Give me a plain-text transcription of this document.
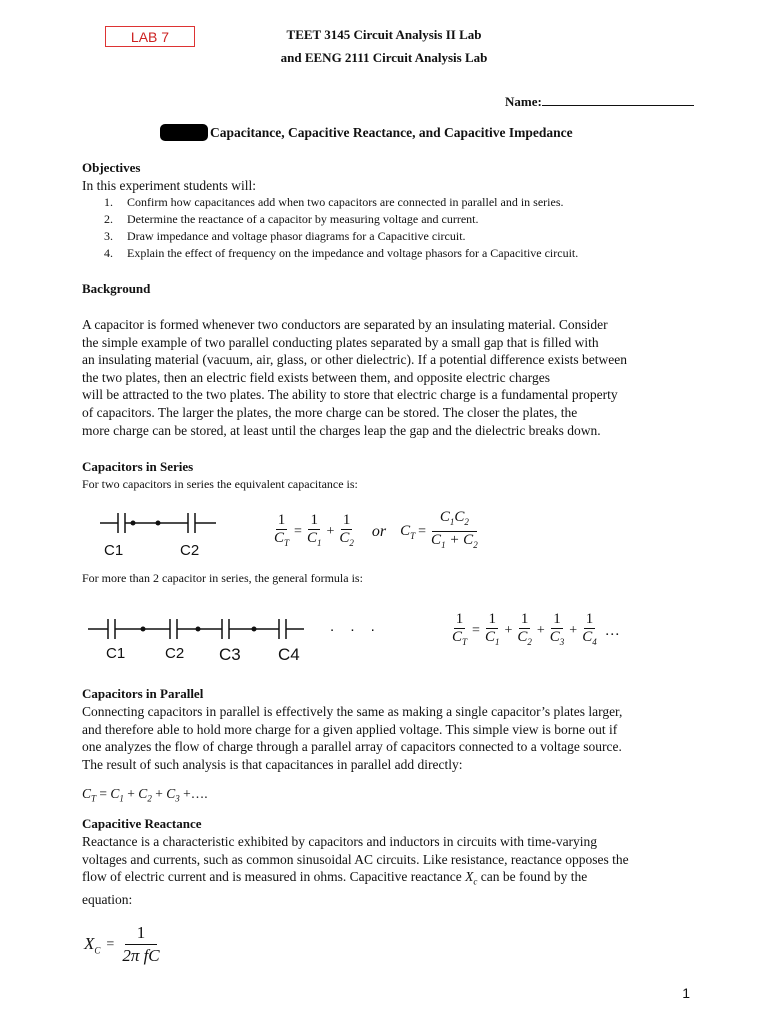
LAB 7	TEET 3145 Circuit Analysis II Lab
and EENG 2111 Circuit Analysis Lab
Name:
Capacitance, Capacitive Reactance, and Capacitive Impedance
Objectives
In this experiment students will:
1. Confirm how capacitances add when two capacitors are connected in parallel and in series.
2. Determine the reactance of a capacitor by measuring voltage and current.
3. Draw impedance and voltage phasor diagrams for a Capacitive circuit.
4. Explain the effect of frequency on the impedance and voltage phasors for a Capacitive circuit.
Background
A capacitor is formed whenever two conductors are separated by an insulating material. Consider
the simple example of two parallel conducting plates separated by a small gap that is filled with
an insulating material (vacuum, air, glass, or other dielectric). If a potential difference exists between
the two plates, then an electric field exists between them, and opposite electric charges
will be attracted to the two plates. The ability to store that electric charge is a fundamental property
of capacitors. The larger the plates, the more charge can be stored. The closer the plates, the
more charge can be stored, at least until the charges leap the gap and the dielectric breaks down.
Capacitors in Series
For two capacitors in series the equivalent capacitance is:
C1	C2	$\frac{1}{C_T} = \frac{1}{C_1} + \frac{1}{C_2}$ or $C_T = \frac{C_1C_2}{C_1 + C_2}$
For more than 2 capacitor in series, the general formula is:
. . .
C1	C2 C3 C4
$\frac{1}{C_T} = \frac{1}{C_1} + \frac{1}{C_2} + \frac{1}{C_3} + \frac{1}{C_4}$ …
Capacitors in Parallel
Connecting capacitors in parallel is effectively the same as making a single capacitor’s plates larger,
and therefore able to hold more charge for a given applied voltage. This simple view is borne out if
one analyzes the flow of charge through a parallel array of capacitors connected to a voltage source.
The result of such analysis is that capacitances in parallel add directly:
$C_T = C_1 + C_2 + C_3$ +….
Capacitive Reactance
Reactance is a characteristic exhibited by capacitors and inductors in circuits with time-varying
voltages and currents, such as common sinusoidal AC circuits. Like resistance, reactance opposes the
flow of electric current and is measured in ohms. Capacitive reactance $X_c$ can be found by the
equation:
$X_C = \frac{1}{\text{2π fC}}$
1
